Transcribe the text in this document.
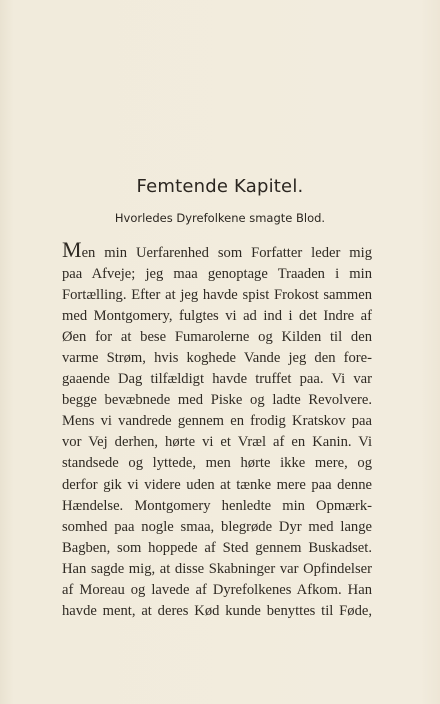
Femtende Kapitel.
Hvorledes Dyrefolkene smagte Blod.
Men min Uerfarenhed som Forfatter leder mig
paa Afveje; jeg maa genoptage Traaden i min
Fortælling. Efter at jeg havde spist Frokost sammen
med Montgomery, fulgtes vi ad ind i det Indre af
Øen for at bese Fumarolerne og Kilden til den
varme Strøm, hvis koghede Vande jeg den fore-
gaaende Dag tilfældigt havde truffet paa. Vi var
begge bevæbnede med Piske og ladte Revolvere.
Mens vi vandrede gennem en frodig Kratskov paa
vor Vej derhen, hørte vi et Vræl af en Kanin. Vi
standsede og lyttede, men hørte ikke mere, og
derfor gik vi videre uden at tænke mere paa denne
Hændelse. Montgomery henledte min Opmærk-
somhed paa nogle smaa, blegrøde Dyr med lange
Bagben, som hoppede af Sted gennem Buskadset.
Han sagde mig, at disse Skabninger var Opfindelser
af Moreau og lavede af Dyrefolkenes Afkom. Han
havde ment, at deres Kød kunde benyttes til Føde,
